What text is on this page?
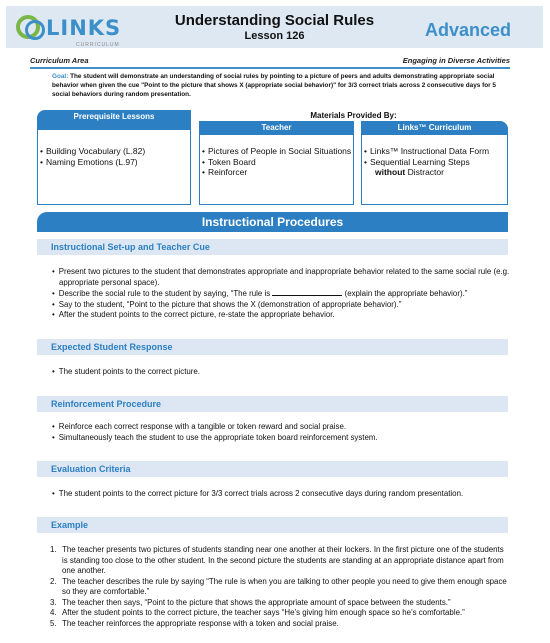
LINKS
CURRICULUM
Understanding Social Rules
Lesson 126	Advanced
Curriculum Area	Engaging in Diverse Activities
Goal: The student will demonstrate an understanding of social rules by pointing to a picture of peers and adults demonstrating appropriate social behavior when given the cue "Point to the picture that shows X (appropriate social behavior)" for 3/3 correct trials across 2 consecutive days for 5 social behaviors during random presentation.
Prerequisite Lessons
• Building Vocabulary (L.82)
• Naming Emotions (L.97)
Materials Provided By:
Teacher
• Pictures of People in Social Situations
• Token Board
• Reinforcer
Links™ Curriculum
• Links™ Instructional Data Form
• Sequential Learning Steps
without Distractor
Instructional Procedures
Instructional Set-up and Teacher Cue
• Present two pictures to the student that demonstrates appropriate and inappropriate behavior related to the same social rule (e.g. appropriate personal space).
• Describe the social rule to the student by saying, “The rule is	(explain the appropriate behavior).”
• Say to the student, “Point to the picture that shows the X (demonstration of appropriate behavior).”
• After the student points to the correct picture, re-state the appropriate behavior.
Expected Student Response
• The student points to the correct picture.
Reinforcement Procedure
• Reinforce each correct response with a tangible or token reward and social praise.
• Simultaneously teach the student to use the appropriate token board reinforcement system.
Evaluation Criteria
• The student points to the correct picture for 3/3 correct trials across 2 consecutive days during random presentation.
Example
1. The teacher presents two pictures of students standing near one another at their lockers. In the first picture one of the students is standing too close to the other student. In the second picture the students are standing at an appropriate distance apart from one another.
2. The teacher describes the rule by saying “The rule is when you are talking to other people you need to give them enough space so they are comfortable.”
3. The teacher then says, “Point to the picture that shows the appropriate amount of space between the students.”
4. After the student points to the correct picture, the teacher says “He’s giving him enough space so he’s comfortable.”
5. The teacher reinforces the appropriate response with a token and social praise.
